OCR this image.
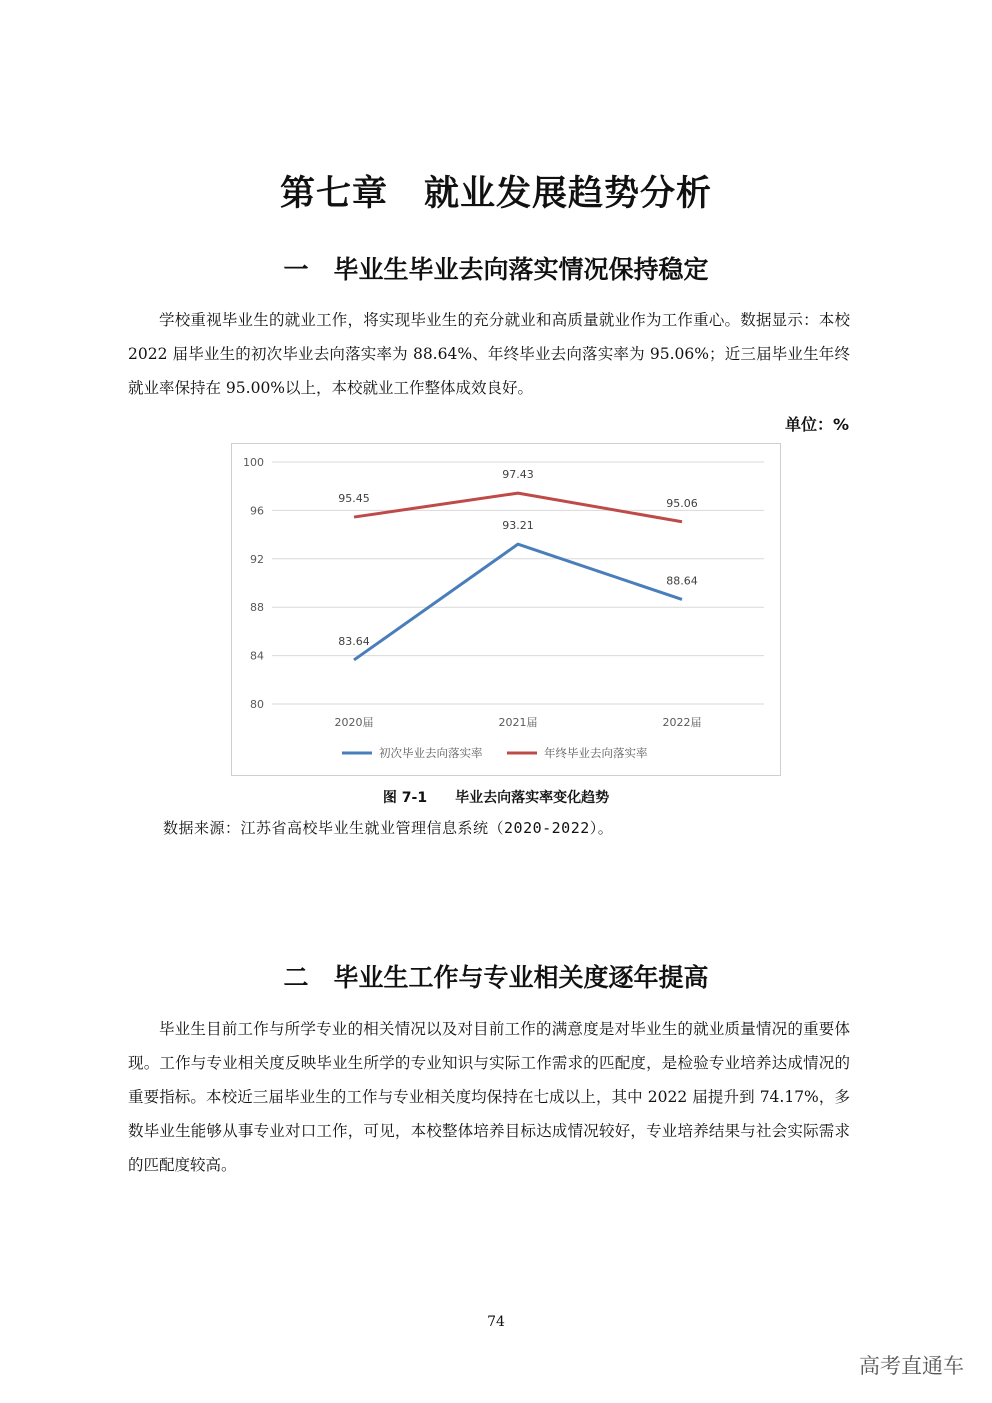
第七章　就业发展趋势分析
一　毕业生毕业去向落实情况保持稳定
学校重视毕业生的就业工作，将实现毕业生的充分就业和高质量就业作为工作重心。数据显示：本校 2022 届毕业生的初次毕业去向落实率为 88.64%、年终毕业去向落实率为 95.06%；近三届毕业生年终就业率保持在 95.00%以上，本校就业工作整体成效良好。
单位：%
80
84
88
92
96
100
2020届	2021届	2022届
83.64
93.21
88.64
95.45
97.43
95.06
初次毕业去向落实率	年终毕业去向落实率
图 7-1　　毕业去向落实率变化趋势
数据来源：江苏省高校毕业生就业管理信息系统（2020-2022）。
二　毕业生工作与专业相关度逐年提高
毕业生目前工作与所学专业的相关情况以及对目前工作的满意度是对毕业生的就业质量情况的重要体现。工作与专业相关度反映毕业生所学的专业知识与实际工作需求的匹配度，是检验专业培养达成情况的重要指标。本校近三届毕业生的工作与专业相关度均保持在七成以上，其中 2022 届提升到 74.17%，多数毕业生能够从事专业对口工作，可见，本校整体培养目标达成情况较好，专业培养结果与社会实际需求的匹配度较高。
74
高考直通车
